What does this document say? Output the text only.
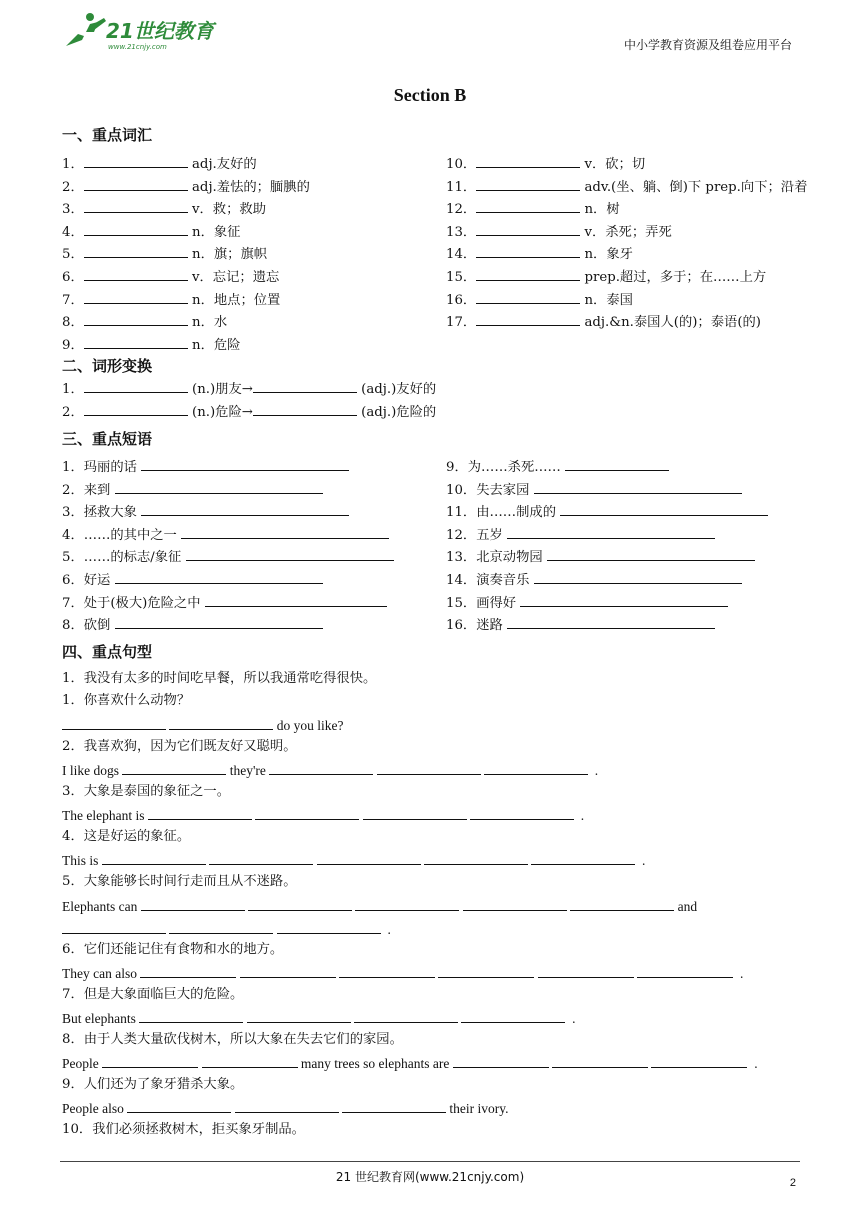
21世纪教育
www.21cnjy.com	中小学教育资源及组卷应用平台
Section B
一、重点词汇
1．	adj.友好的
2．	adj.羞怯的；腼腆的
3．	v．救；救助
4．	n．象征
5．	n．旗；旗帜
6．	v．忘记；遗忘
7．	n．地点；位置
8．	n．水
9．	n．危险
10．	v．砍；切
11．	adv.(坐、躺、倒)下 prep.向下；沿着
12．	n．树
13．	v．杀死；弄死
14．	n．象牙
15．	prep.超过，多于；在……上方
16．	n．泰国
17．	adj.&n.泰国人(的)；泰语(的)
二、词形变换
1．	(n.)朋友→	(adj.)友好的
2．	(n.)危险→	(adj.)危险的
三、重点短语
1．玛丽的话
2．来到
3．拯救大象
4．……的其中之一
5．……的标志/象征
6．好运
7．处于(极大)危险之中
8．砍倒
9．为……杀死……
10．失去家园
11．由……制成的
12．五岁
13．北京动物园
14．演奏音乐
15．画得好
16．迷路
四、重点句型
1．我没有太多的时间吃早餐，所以我通常吃得很快。
1．你喜欢什么动物？
do you like?
2．我喜欢狗，因为它们既友好又聪明。
I like dogs	they're	.
3．大象是泰国的象征之一。
The elephant is	.
4．这是好运的象征。
This is	.
5．大象能够长时间行走而且从不迷路。
Elephants can	and
.
6．它们还能记住有食物和水的地方。
They can also	.
7．但是大象面临巨大的危险。
But elephants	.
8．由于人类大量砍伐树木，所以大象在失去它们的家园。
People	many trees so elephants are	.
9．人们还为了象牙猎杀大象。
People also	their ivory.
10．我们必须拯救树木，拒买象牙制品。
21 世纪教育网(www.21cnjy.com)	2
